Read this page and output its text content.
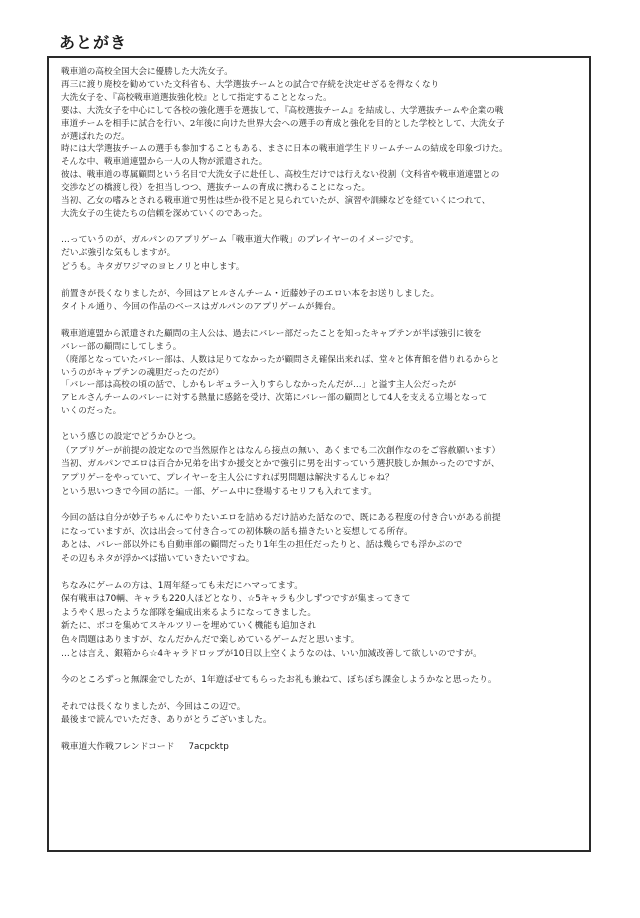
あとがき

戦車道の高校全国大会に優勝した大洗女子。

再三に渡り廃校を勧めていた文科省も、大学選抜チームとの試合で存続を決定せざるを得なくなり

大洗女子を、『高校戦車道選抜強化校』として指定することとなった。

要は、大洗女子を中心にして各校の強化選手を選抜して、『高校選抜チーム』を結成し、大学選抜チームや企業の戦

車道チームを相手に試合を行い、2年後に向けた世界大会への選手の育成と強化を目的とした学校として、大洗女子

が選ばれたのだ。

時には大学選抜チームの選手も参加することもある、まさに日本の戦車道学生ドリームチームの結成を印象づけた。

そんな中、戦車道連盟から一人の人物が派遣された。

彼は、戦車道の専属顧問という名目で大洗女子に赴任し、高校生だけでは行えない役割（文科省や戦車道連盟との

交渉などの橋渡し役）を担当しつつ、選抜チームの育成に携わることになった。

当初、乙女の嗜みとされる戦車道で男性は些か役不足と見られていたが、演習や訓練などを経ていくにつれて、

大洗女子の生徒たちの信頼を深めていくのであった。

…っていうのが、ガルパンのアプリゲーム「戦車道大作戦」のプレイヤーのイメージです。

だいぶ強引な気もしますが。

どうも。キタガワジマのヨヒノリと申します。

前置きが長くなりましたが、今回はアヒルさんチーム・近藤妙子のエロい本をお送りしました。

タイトル通り、今回の作品のベースはガルパンのアプリゲームが舞台。

戦車道連盟から派遣された顧問の主人公は、過去にバレー部だったことを知ったキャプテンが半ば強引に彼を

バレー部の顧問にしてしまう。

（廃部となっていたバレー部は、人数は足りてなかったが顧問さえ確保出来れば、堂々と体育館を借りれるからと

いうのがキャプテンの魂胆だったのだが）

「バレー部は高校の頃の話で、しかもレギュラー入りすらしなかったんだが…」と溢す主人公だったが

アヒルさんチームのバレーに対する熱量に感銘を受け、次第にバレー部の顧問として4人を支える立場となって

いくのだった。

という感じの設定でどうかひとつ。

（アプリゲーが前提の設定なので当然原作とはなんら接点の無い、あくまでも二次創作なのをご容赦願います）

当初、ガルパンでエロは百合か兄弟を出すか援交とかで強引に男を出すっていう選択肢しか無かったのですが、

アプリゲーをやっていて、プレイヤーを主人公にすれば男問題は解決するんじゃね？

という思いつきで今回の話に。一部、ゲーム中に登場するセリフも入れてます。

今回の話は自分が妙子ちゃんにやりたいエロを詰めるだけ詰めた話なので、既にある程度の付き合いがある前提

になっていますが、次は出会って付き合っての初体験の話も描きたいと妄想してる所存。

あとは、バレー部以外にも自動車部の顧問だったり1年生の担任だったりと、話は幾らでも浮かぶので

その辺もネタが浮かべば描いていきたいですね。

ちなみにゲームの方は、1周年経っても未だにハマってます。

保有戦車は70輌、キャラも220人ほどとなり、☆5キャラも少しずつですが集まってきて

ようやく思ったような部隊を編成出来るようになってきました。

新たに、ボコを集めてスキルツリーを埋めていく機能も追加され

色々問題はありますが、なんだかんだで楽しめているゲームだと思います。

…とは言え、銀箱から☆4キャラドロップが10日以上空くようなのは、いい加減改善して欲しいのですが。

今のところずっと無課金でしたが、1年遊ばせてもらったお礼も兼ねて、ぼちぼち課金しようかなと思ったり。

それでは長くなりましたが、今回はこの辺で。

最後まで読んでいただき、ありがとうございました。

戦車道大作戦フレンドコード 7acpcktp
